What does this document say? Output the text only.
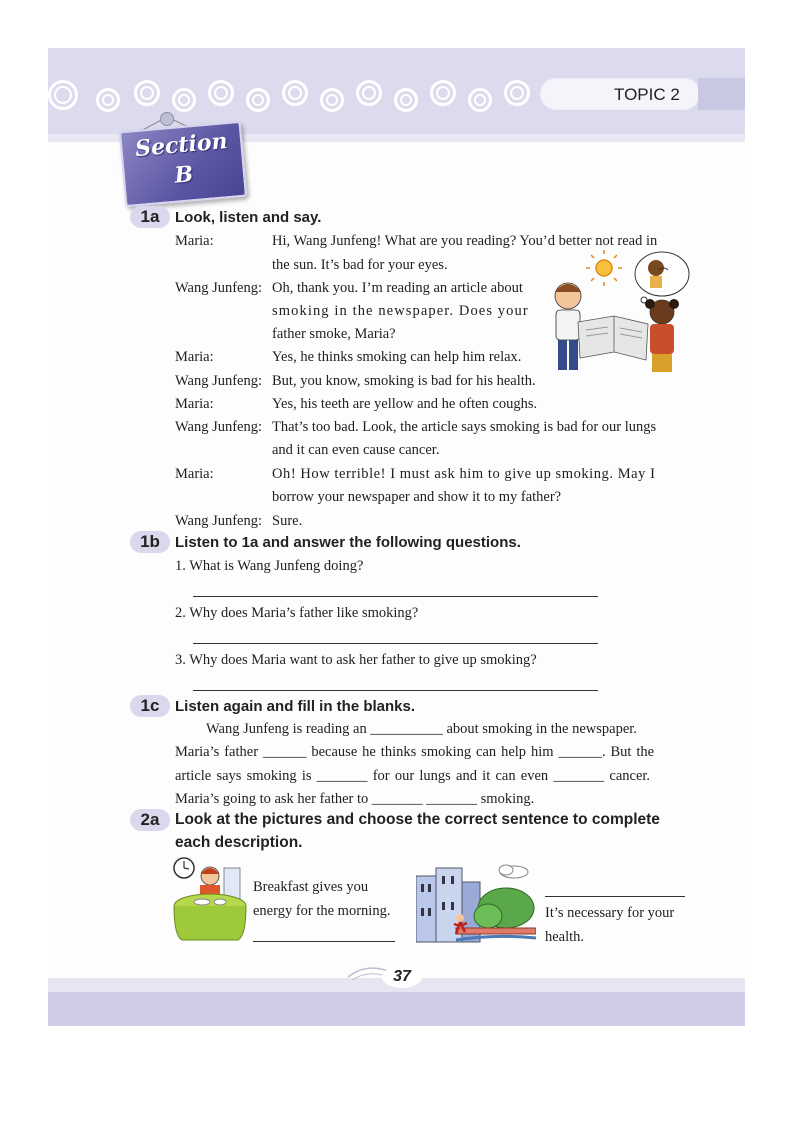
TOPIC 2
Section
B
1a	Look, listen and say.
Maria:	Hi, Wang Junfeng! What are you reading? You’d better not read in
the sun. It’s bad for your eyes.
Wang Junfeng: Oh, thank you. I’m reading an article about
smoking in the newspaper. Does your
father smoke, Maria?
Maria:	Yes, he thinks smoking can help him relax.
Wang Junfeng: But, you know, smoking is bad for his health.
Maria:	Yes, his teeth are yellow and he often coughs.
Wang Junfeng: That’s too bad. Look, the article says smoking is bad for our lungs
and it can even cause cancer.
Maria:	Oh! How terrible! I must ask him to give up smoking. May I
borrow your newspaper and show it to my father?
Wang Junfeng: Sure.
1b	Listen to 1a and answer the following questions.
1. What is Wang Junfeng doing?
2. Why does Maria’s father like smoking?
3. Why does Maria want to ask her father to give up smoking?
1c	Listen again and fill in the blanks.
Wang Junfeng is reading an __________ about smoking in the newspaper.
Maria’s father ______ because he thinks smoking can help him ______. But the
article says smoking is _______ for our lungs and it can even _______ cancer.
Maria’s going to ask her father to _______ _______ smoking.
2a	Look at the pictures and choose the correct sentence to complete
each description.
Breakfast gives you
energy for the morning.	It’s necessary for your
health.
37
